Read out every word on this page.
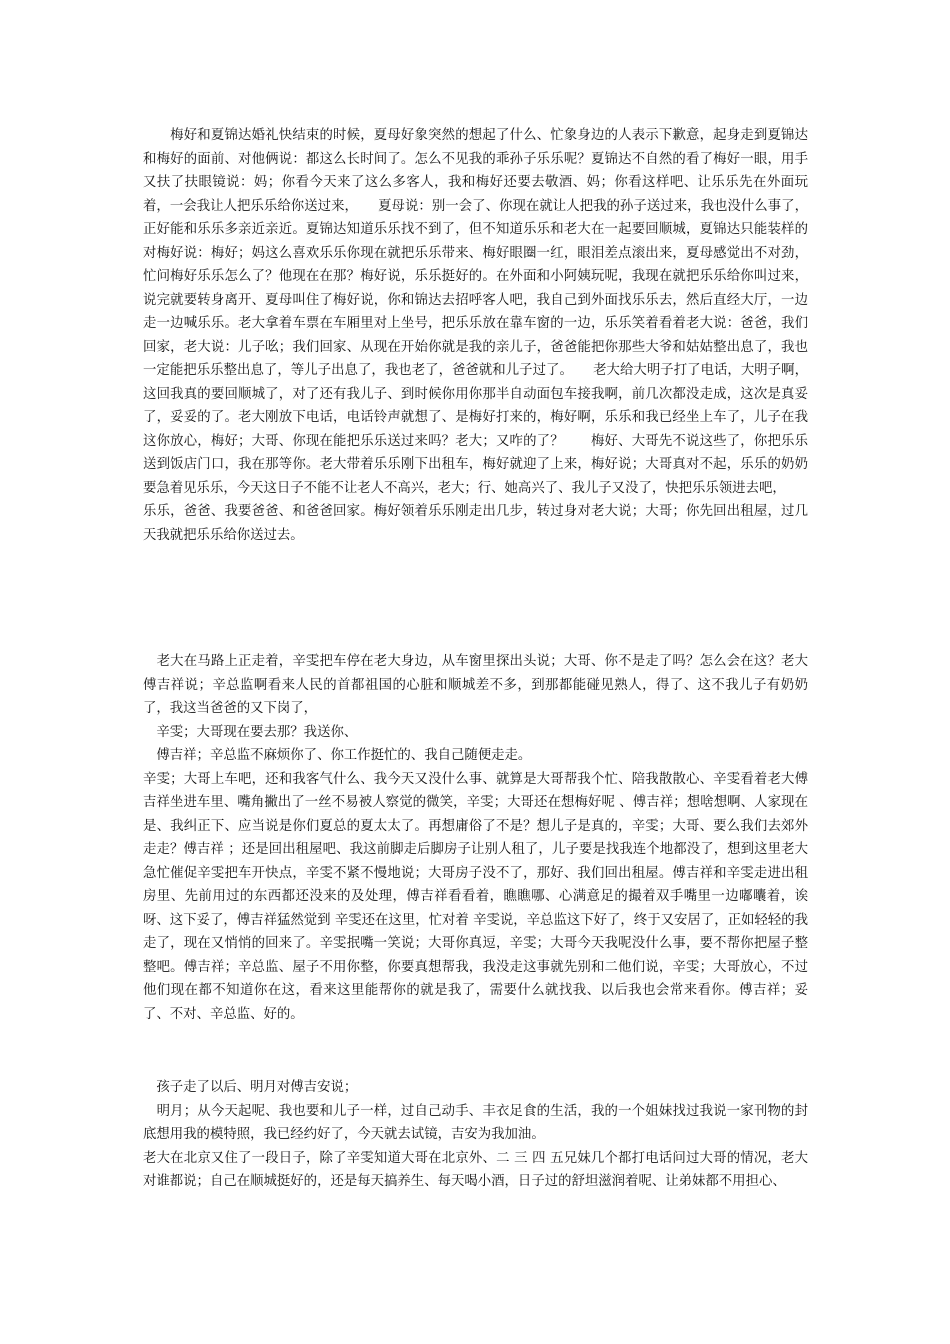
　　梅好和夏锦达婚礼快结束的时候，夏母好象突然的想起了什么、忙象身边的人表示下歉意，起身走到夏锦达和梅好的面前、对他俩说：都这么长时间了。怎么不见我的乖孙子乐乐呢？夏锦达不自然的看了梅好一眼，用手又扶了扶眼镜说：妈；你看今天来了这么多客人，我和梅好还要去敬酒、妈；你看这样吧、让乐乐先在外面玩着，一会我让人把乐乐给你送过来，　　夏母说：别一会了、你现在就让人把我的孙子送过来，我也没什么事了，正好能和乐乐多亲近亲近。夏锦达知道乐乐找不到了，但不知道乐乐和老大在一起要回顺城，夏锦达只能装样的对梅好说：梅好；妈这么喜欢乐乐你现在就把乐乐带来、梅好眼圈一红，眼泪差点滚出来，夏母感觉出不对劲，忙问梅好乐乐怎么了？他现在在那？梅好说，乐乐挺好的。在外面和小阿姨玩呢，我现在就把乐乐给你叫过来，说完就要转身离开、夏母叫住了梅好说，你和锦达去招呼客人吧，我自己到外面找乐乐去，然后直经大厅，一边走一边喊乐乐。老大拿着车票在车厢里对上坐号，把乐乐放在靠车窗的一边，乐乐笑着看着老大说：爸爸，我们回家，老大说：儿子吆；我们回家、从现在开始你就是我的亲儿子，爸爸能把你那些大爷和姑姑整出息了，我也一定能把乐乐整出息了，等儿子出息了，我也老了，爸爸就和儿子过了。　　老大给大明子打了电话，大明子啊，这回我真的要回顺城了，对了还有我儿子、到时候你用你那半自动面包车接我啊，前几次都没走成，这次是真妥了，妥妥的了。老大刚放下电话，电话铃声就想了、是梅好打来的，梅好啊，乐乐和我已经坐上车了，儿子在我这你放心，梅好；大哥、你现在能把乐乐送过来吗？老大；又咋的了？　　梅好、大哥先不说这些了，你把乐乐送到饭店门口，我在那等你。老大带着乐乐刚下出租车，梅好就迎了上来，梅好说；大哥真对不起，乐乐的奶奶要急着见乐乐，今天这日子不能不让老人不高兴，老大；行、她高兴了、我儿子又没了，快把乐乐领进去吧，

乐乐，爸爸、我要爸爸、和爸爸回家。梅好领着乐乐刚走出几步，转过身对老大说；大哥；你先回出租屋，过几天我就把乐乐给你送过去。

　老大在马路上正走着，辛雯把车停在老大身边，从车窗里探出头说；大哥、你不是走了吗？怎么会在这？老大傅吉祥说；辛总监啊看来人民的首都祖国的心脏和顺城差不多，到那都能碰见熟人，得了、这不我儿子有奶奶了，我这当爸爸的又下岗了，

　辛雯；大哥现在要去那？我送你、

　傅吉祥；辛总监不麻烦你了、你工作挺忙的、我自己随便走走。

辛雯；大哥上车吧，还和我客气什么、我今天又没什么事、就算是大哥帮我个忙、陪我散散心、辛雯看着老大傅吉祥坐进车里、嘴角撇出了一丝不易被人察觉的微笑，辛雯；大哥还在想梅好呢 、傅吉祥；想啥想啊、人家现在是、我纠正下、应当说是你们夏总的夏太太了。再想庸俗了不是？想儿子是真的，辛雯；大哥、要么我们去郊外走走？傅吉祥 ；还是回出租屋吧、我这前脚走后脚房子让别人租了，儿子要是找我连个地都没了，想到这里老大急忙催促辛雯把车开快点，辛雯不紧不慢地说；大哥房子没不了，那好、我们回出租屋。傅吉祥和辛雯走进出租房里、先前用过的东西都还没来的及处理，傅吉祥看看着，瞧瞧哪、心满意足的撮着双手嘴里一边嘟囔着，诶呀、这下妥了，傅吉祥猛然觉到 辛雯还在这里，忙对着 辛雯说，辛总监这下好了，终于又安居了，正如轻轻的我走了，现在又悄悄的回来了。辛雯抿嘴一笑说；大哥你真逗，辛雯；大哥今天我呢没什么事，要不帮你把屋子整整吧。傅吉祥；辛总监、屋子不用你整，你要真想帮我，我没走这事就先别和二他们说，辛雯；大哥放心，不过他们现在都不知道你在这，看来这里能帮你的就是我了，需要什么就找我、以后我也会常来看你。傅吉祥；妥了、不对、辛总监、好的。

　孩子走了以后、明月对傅吉安说；

　明月；从今天起呢、我也要和儿子一样，过自己动手、丰衣足食的生活，我的一个姐妹找过我说一家刊物的封底想用我的模特照，我已经约好了，今天就去试镜，吉安为我加油。

老大在北京又住了一段日子，除了辛雯知道大哥在北京外、二 三 四 五兄妹几个都打电话问过大哥的情况，老大对谁都说；自己在顺城挺好的，还是每天搞养生、每天喝小酒，日子过的舒坦滋润着呢、让弟妹都不用担心、
